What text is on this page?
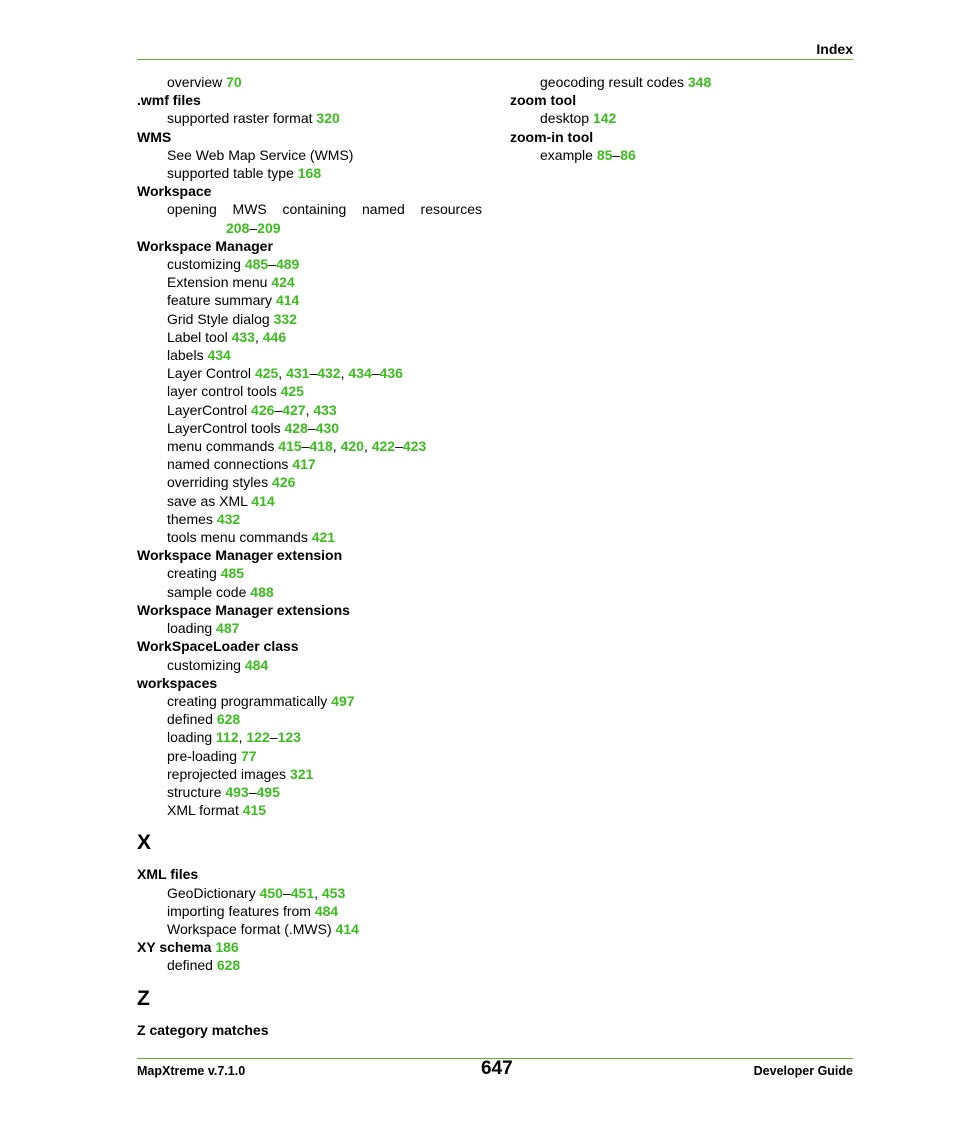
Index
overview 70
.wmf files
supported raster format 320
WMS
See Web Map Service (WMS)
supported table type 168
Workspace
opening MWS containing named resources
208–209
Workspace Manager
customizing 485–489
Extension menu 424
feature summary 414
Grid Style dialog 332
Label tool 433, 446
labels 434
Layer Control 425, 431–432, 434–436
layer control tools 425
LayerControl 426–427, 433
LayerControl tools 428–430
menu commands 415–418, 420, 422–423
named connections 417
overriding styles 426
save as XML 414
themes 432
tools menu commands 421
Workspace Manager extension
creating 485
sample code 488
Workspace Manager extensions
loading 487
WorkSpaceLoader class
customizing 484
workspaces
creating programmatically 497
defined 628
loading 112, 122–123
pre-loading 77
reprojected images 321
structure 493–495
XML format 415
X
XML files
GeoDictionary 450–451, 453
importing features from 484
Workspace format (.MWS) 414
XY schema 186
defined 628
Z
Z category matches
geocoding result codes 348
zoom tool
desktop 142
zoom-in tool
example 85–86
MapXtreme v.7.1.0	647	Developer Guide
